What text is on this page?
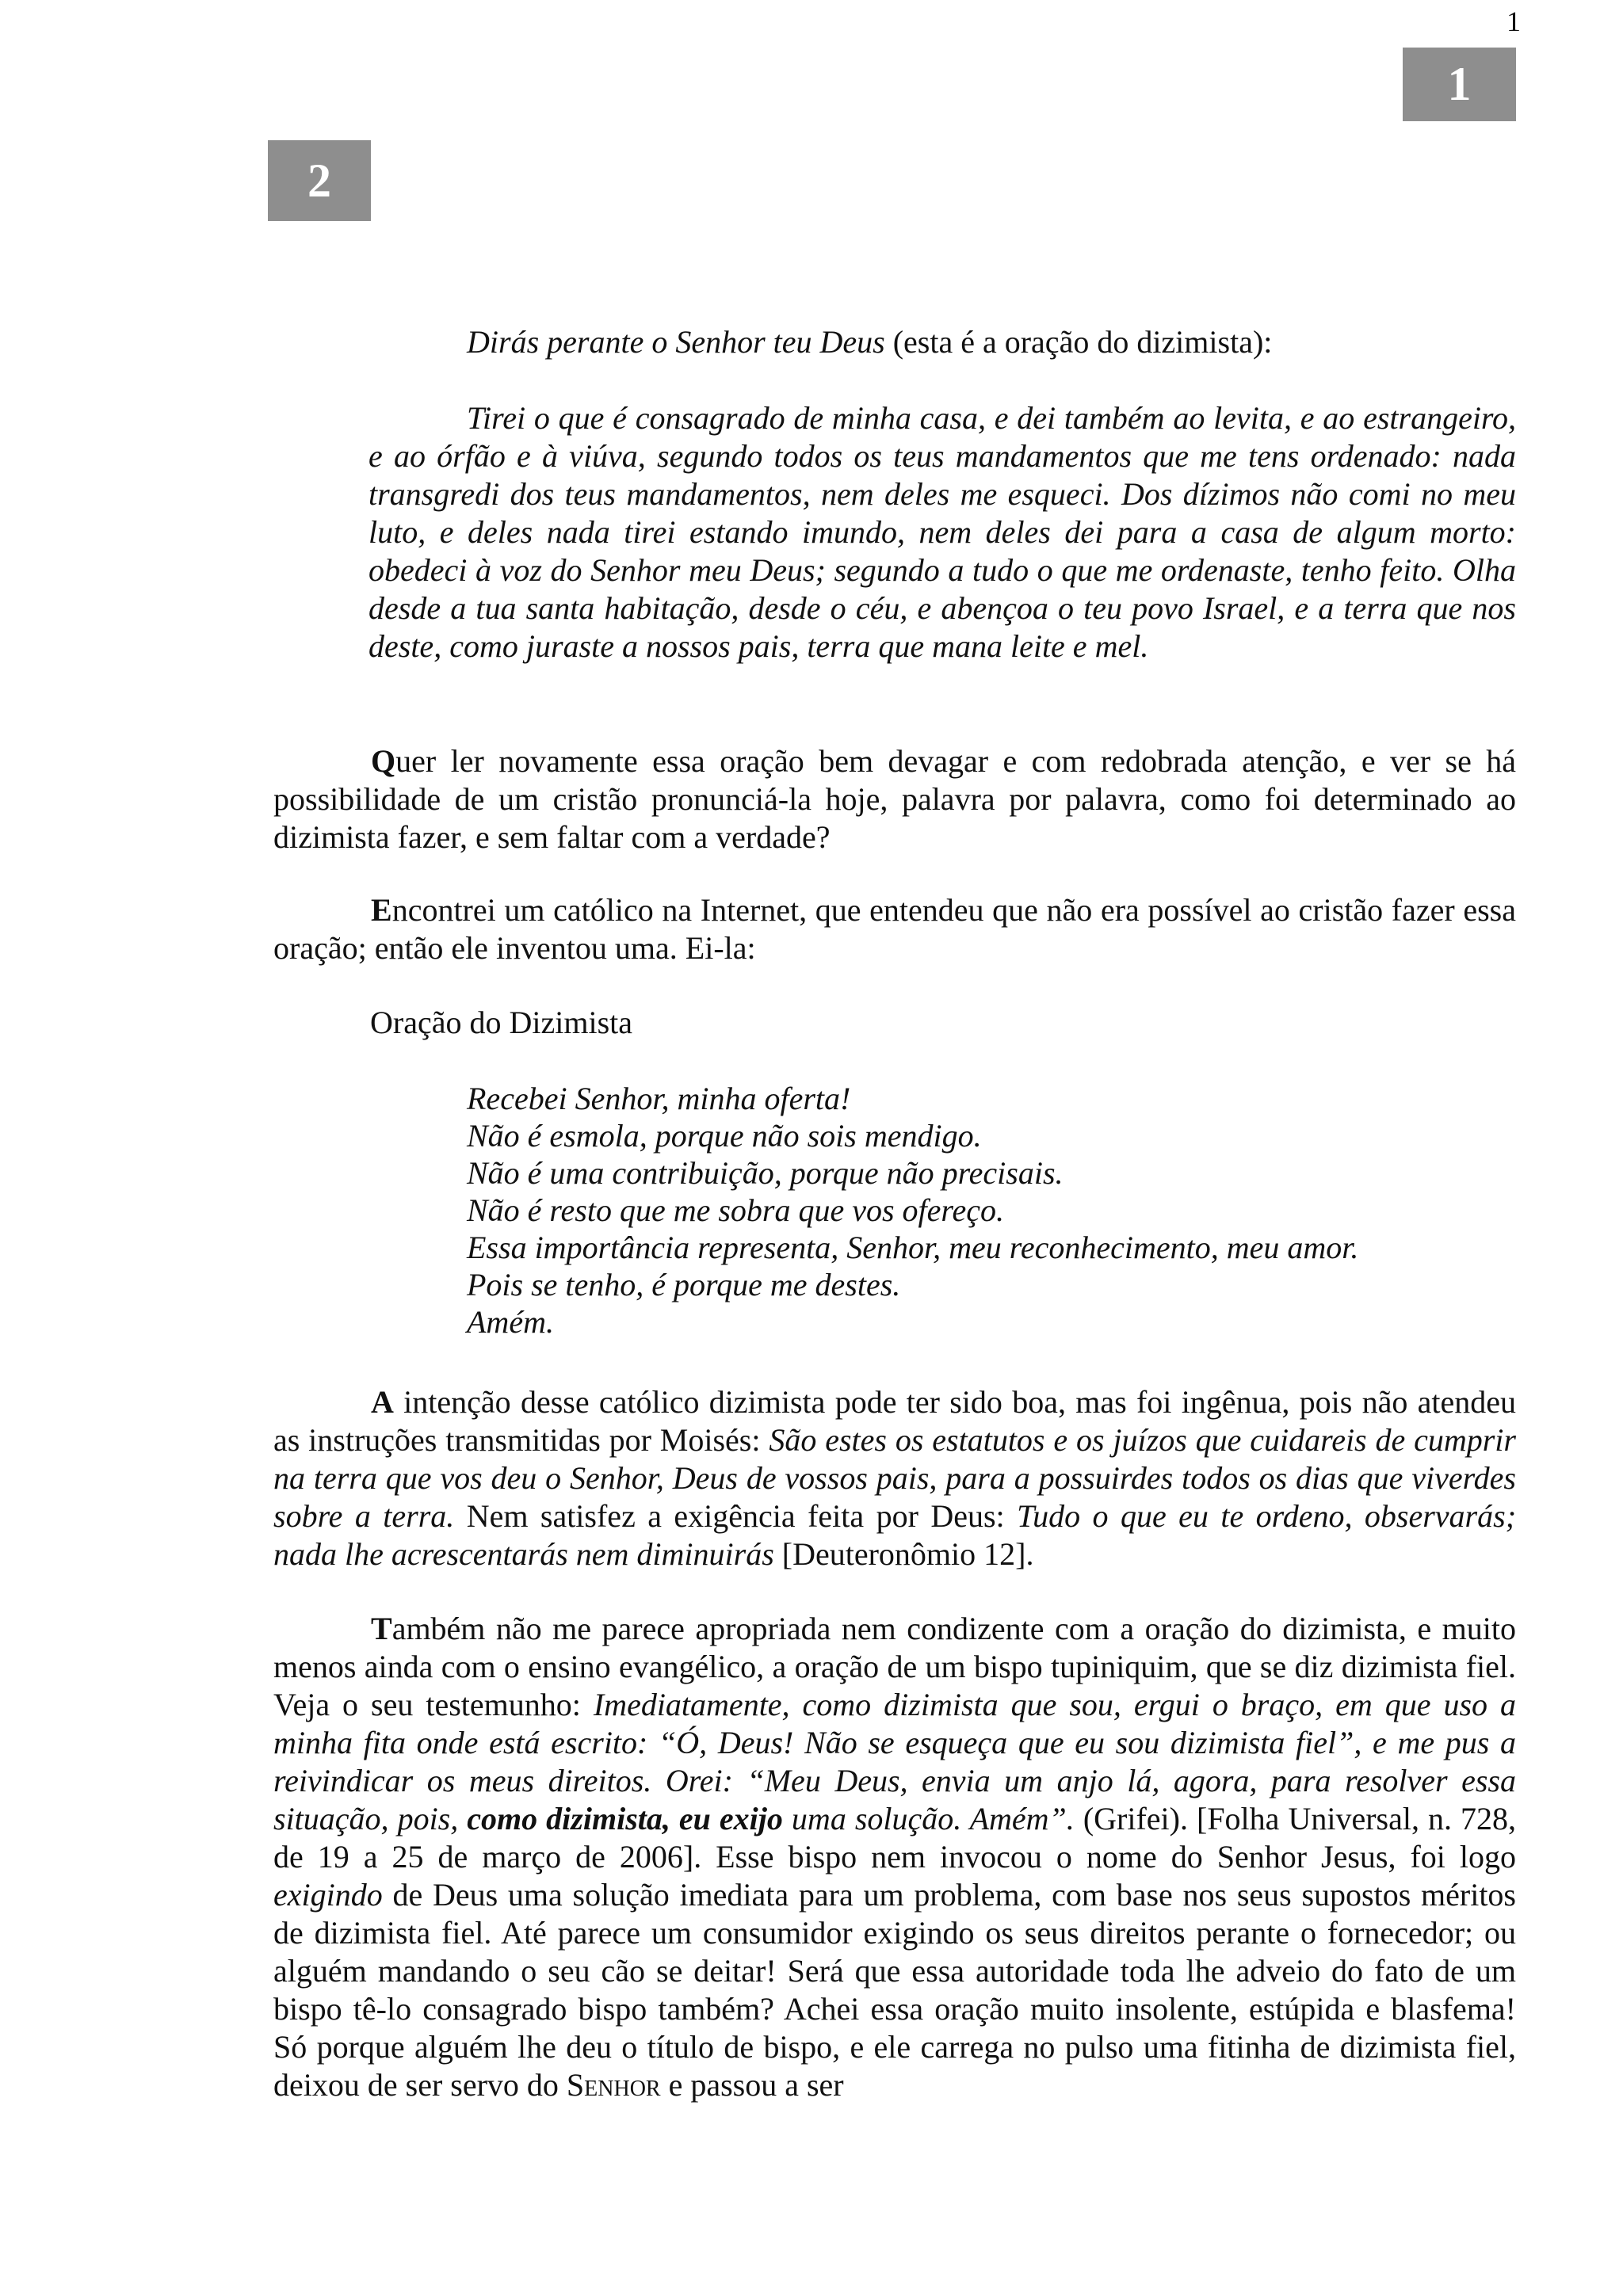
1
1
2

Dirás perante o Senhor teu Deus (esta é a oração do dizimista):

Tirei o que é consagrado de minha casa, e dei também ao levita, e ao estrangeiro, e ao órfão e à viúva, segundo todos os teus mandamentos que me tens ordenado: nada transgredi dos teus mandamentos, nem deles me esqueci. Dos dízimos não comi no meu luto, e deles nada tirei estando imundo, nem deles dei para a casa de algum morto: obedeci à voz do Senhor meu Deus; segundo a tudo o que me ordenaste, tenho feito. Olha desde a tua santa habitação, desde o céu, e abençoa o teu povo Israel, e a terra que nos deste, como juraste a nossos pais, terra que mana leite e mel.

Quer ler novamente essa oração bem devagar e com redobrada atenção, e ver se há possibilidade de um cristão pronunciá-la hoje, palavra por palavra, como foi determinado ao dizimista fazer, e sem faltar com a verdade?

Encontrei um católico na Internet, que entendeu que não era possível ao cristão fazer essa oração; então ele inventou uma. Ei-la:

Oração do Dizimista

Recebei Senhor, minha oferta!
Não é esmola, porque não sois mendigo.
Não é uma contribuição, porque não precisais.
Não é resto que me sobra que vos ofereço.
Essa importância representa, Senhor, meu reconhecimento, meu amor.
Pois se tenho, é porque me destes.
Amém.

A intenção desse católico dizimista pode ter sido boa, mas foi ingênua, pois não atendeu as instruções transmitidas por Moisés: São estes os estatutos e os juízos que cuidareis de cumprir na terra que vos deu o Senhor, Deus de vossos pais, para a possuirdes todos os dias que viverdes sobre a terra. Nem satisfez a exigência feita por Deus: Tudo o que eu te ordeno, observarás; nada lhe acrescentarás nem diminuirás [Deuteronômio 12].

Também não me parece apropriada nem condizente com a oração do dizimista, e muito menos ainda com o ensino evangélico, a oração de um bispo tupiniquim, que se diz dizimista fiel. Veja o seu testemunho: Imediatamente, como dizimista que sou, ergui o braço, em que uso a minha fita onde está escrito: “Ó, Deus! Não se esqueça que eu sou dizimista fiel”, e me pus a reivindicar os meus direitos. Orei: “Meu Deus, envia um anjo lá, agora, para resolver essa situação, pois, como dizimista, eu exijo uma solução. Amém”. (Grifei). [Folha Universal, n. 728, de 19 a 25 de março de 2006]. Esse bispo nem invocou o nome do Senhor Jesus, foi logo exigindo de Deus uma solução imediata para um problema, com base nos seus supostos méritos de dizimista fiel. Até parece um consumidor exigindo os seus direitos perante o fornecedor; ou alguém mandando o seu cão se deitar! Será que essa autoridade toda lhe adveio do fato de um bispo tê-lo consagrado bispo também? Achei essa oração muito insolente, estúpida e blasfema! Só porque alguém lhe deu o título de bispo, e ele carrega no pulso uma fitinha de dizimista fiel, deixou de ser servo do Senhor e passou a ser
